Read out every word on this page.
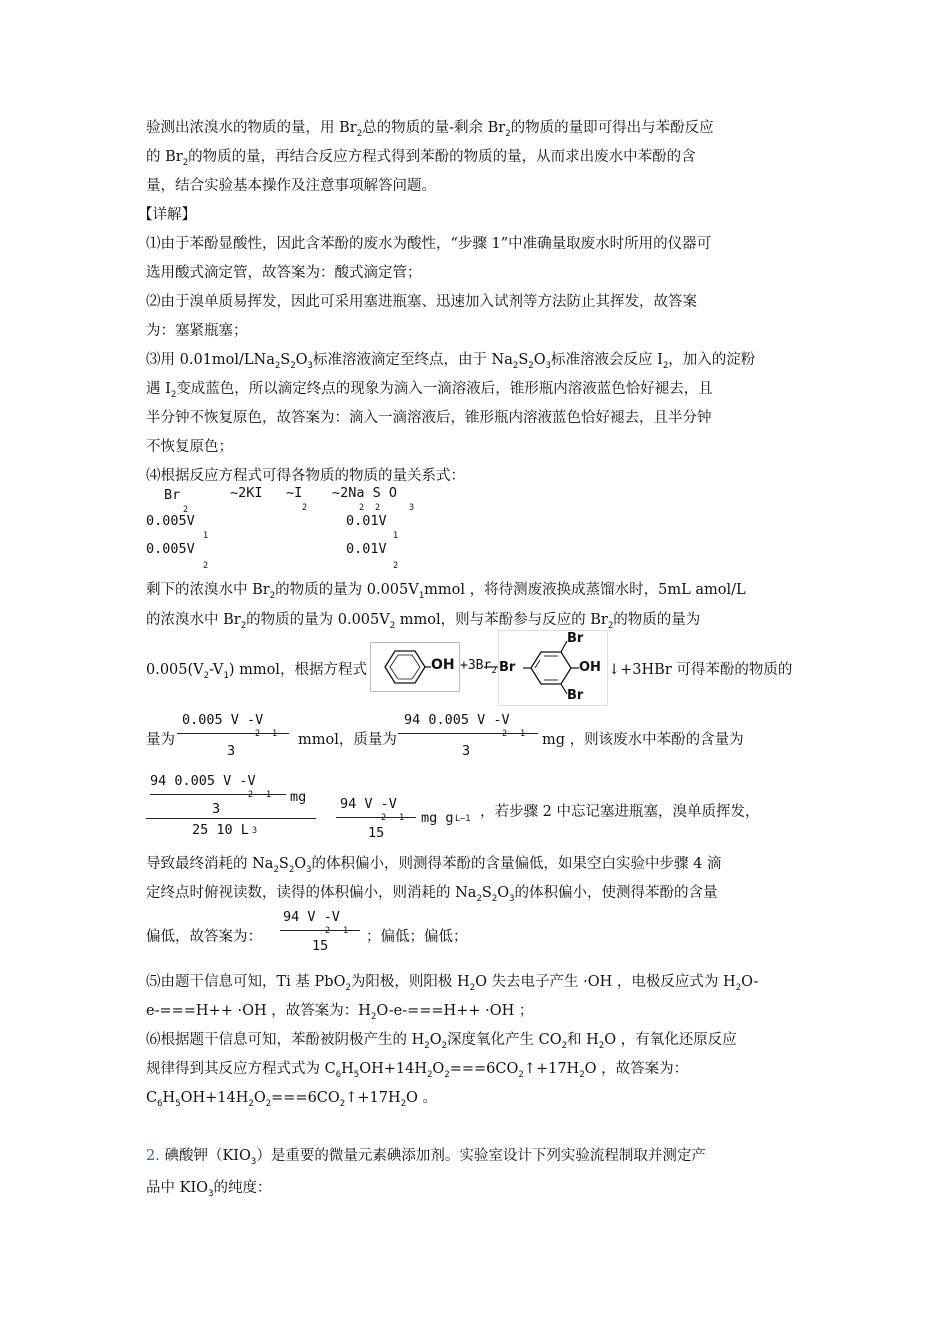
验测出浓溴水的物质的量，用 $Br_2$总的物质的量-剩余 $Br_2$的物质的量即可得出与苯酚反应
的 $Br_2$的物质的量，再结合反应方程式得到苯酚的物质的量，从而求出废水中苯酚的含
量，结合实验基本操作及注意事项解答问题。
【详解】
⑴由于苯酚显酸性，因此含苯酚的废水为酸性，“步骤 1”中准确量取废水时所用的仪器可
选用酸式滴定管，故答案为：酸式滴定管；
⑵由于溴单质易挥发，因此可采用塞进瓶塞、迅速加入试剂等方法防止其挥发，故答案
为：塞紧瓶塞；
⑶用 $0.01mol/LNa_2S_2O_3$标准溶液滴定至终点，由于 $Na_2S_2O_3$标准溶液会反应 $I_2$，加入的淀粉
遇 $I_2$变成蓝色，所以滴定终点的现象为滴入一滴溶液后，锥形瓶内溶液蓝色恰好褪去，且
半分钟不恢复原色，故答案为：滴入一滴溶液后，锥形瓶内溶液蓝色恰好褪去，且半分钟
不恢复原色；
⑷根据反应方程式可得各物质的物质的量关系式：
Br	~2KI ~I ~2Na S O
2	2	2 2	3
0.005V	0.01V
1	1
0.005V	0.01V
2	2
剩下的浓溴水中 $Br_2$的物质的量为 $0.005V_1mmol$ ，将待测废液换成蒸馏水时，5mL amol/L
的浓溴水中 $Br_2$的物质的量为 $0.005V_2$ mmol，则与苯酚参与反应的 $Br_2$的物质的量为
$0.005(V_2-V_1)$ mmol，根据方程式	OH $+3Br_2$ Br
Br
OH
Br
↓+3HBr 可得苯酚的物质的
量为
0.005 V -V
2 1
3
mmol，质量为
94 0.005 V -V
2 1
3
mg ，则该废水中苯酚的含量为
94 0.005 V -V
mg
2 1
3
25 10 L 3
94 V -V
2 1
15
mg g L−1 ，若步骤 2 中忘记塞进瓶塞，溴单质挥发，
导致最终消耗的 $Na_2S_2O_3$的体积偏小，则测得苯酚的含量偏低，如果空白实验中步骤 4 滴
定终点时俯视读数，读得的体积偏小，则消耗的 $Na_2S_2O_3$的体积偏小，使测得苯酚的含量
偏低，故答案为：
94 V -V
2 1
15
；偏低；偏低；
⑸由题干信息可知，Ti 基 PbO$_2$为阳极，则阳极 $H_2O$ 失去电子产生 ·OH ，电极反应式为 $H_2O-$
e-===H++ ·OH ，故答案为：$H_2O-e-===H++ \cdot OH$ ；
⑹根据题干信息可知，苯酚被阴极产生的 $H_2O_2$深度氧化产生 $CO_2$和 $H_2O$ ，有氧化还原反应
规律得到其反应方程式式为 $C_6H_5OH+14H_2O_2===6CO_2↑+17H_2O$ ，故答案为：
$C_6H_5OH+14H_2O_2===6CO_2↑+17H_2O$ 。
2. 碘酸钾$(KIO_3)$是重要的微量元素碘添加剂。实验室设计下列实验流程制取并测定产
品中 $KIO_3$的纯度：
